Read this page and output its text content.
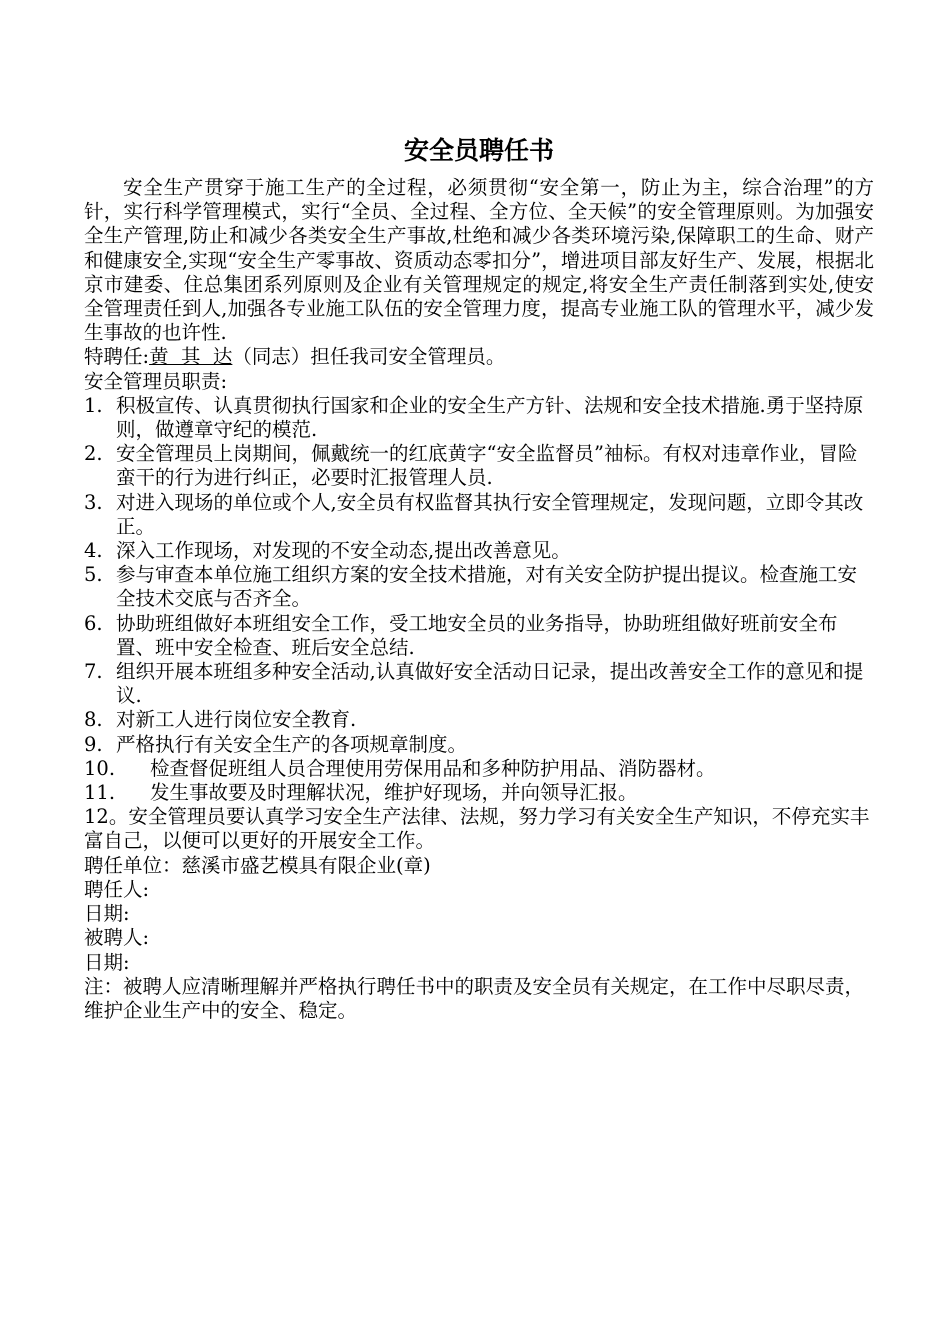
安全员聘任书

安全生产贯穿于施工生产的全过程，必须贯彻“安全第一，防止为主，综合治理”的方针，实行科学管理模式，实行“全员、全过程、全方位、全天候”的安全管理原则。为加强安全生产管理,防止和减少各类安全生产事故,杜绝和减少各类环境污染,保障职工的生命、财产和健康安全,实现“安全生产零事故、资质动态零扣分”，增进项目部友好生产、发展，根据北京市建委、住总集团系列原则及企业有关管理规定的规定,将安全生产责任制落到实处,使安全管理责任到人,加强各专业施工队伍的安全管理力度，提高专业施工队的管理水平，减少发生事故的也许性.

特聘任:黄  其  达（同志）担任我司安全管理员。

安全管理员职责:

1. 积极宣传、认真贯彻执行国家和企业的安全生产方针、法规和安全技术措施.勇于坚持原则，做遵章守纪的模范.
2. 安全管理员上岗期间，佩戴统一的红底黄字“安全监督员”袖标。有权对违章作业，冒险蛮干的行为进行纠正，必要时汇报管理人员.
3. 对进入现场的单位或个人,安全员有权监督其执行安全管理规定，发现问题，立即令其改正。
4. 深入工作现场，对发现的不安全动态,提出改善意见。
5. 参与审查本单位施工组织方案的安全技术措施，对有关安全防护提出提议。检查施工安全技术交底与否齐全。
6. 协助班组做好本班组安全工作，受工地安全员的业务指导，协助班组做好班前安全布置、班中安全检查、班后安全总结.
7. 组织开展本班组多种安全活动,认真做好安全活动日记录，提出改善安全工作的意见和提议.
8. 对新工人进行岗位安全教育.
9. 严格执行有关安全生产的各项规章制度。
10. 检查督促班组人员合理使用劳保用品和多种防护用品、消防器材。
11. 发生事故要及时理解状况，维护好现场，并向领导汇报。
12。安全管理员要认真学习安全生产法律、法规，努力学习有关安全生产知识，不停充实丰富自己，以便可以更好的开展安全工作。

聘任单位：慈溪市盛艺模具有限企业(章)

聘任人:

日期:

被聘人:

日期:

注：被聘人应清晰理解并严格执行聘任书中的职责及安全员有关规定，在工作中尽职尽责，维护企业生产中的安全、稳定。
